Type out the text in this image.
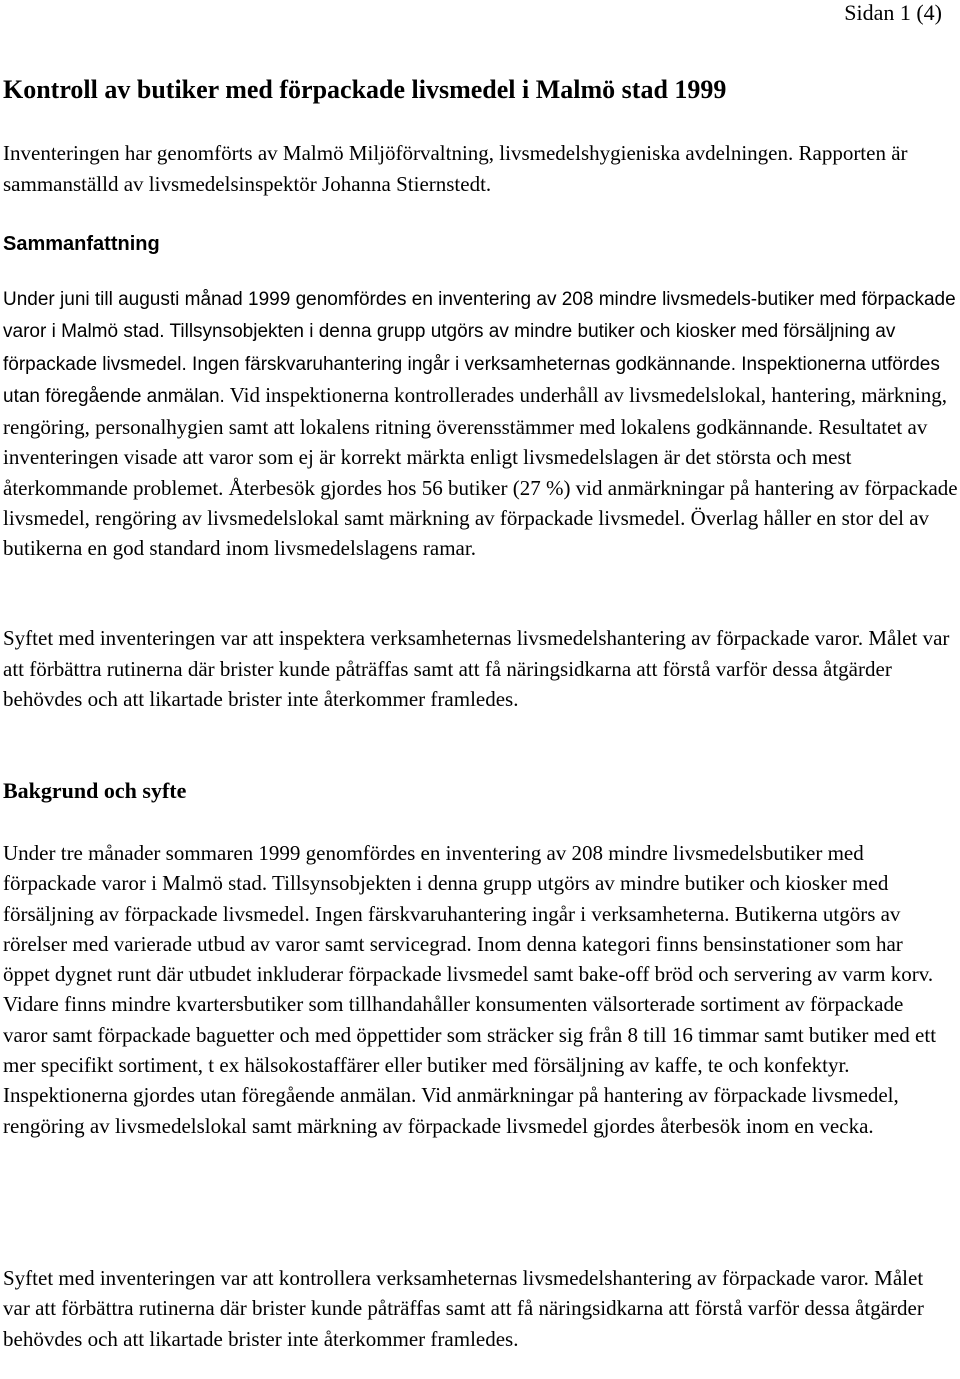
Sidan 1 (4)
Kontroll av butiker med förpackade livsmedel i Malmö stad 1999

Inventeringen har genomförts av Malmö Miljöförvaltning, livsmedelshygieniska avdelningen. Rapporten är sammanställd av livsmedelsinspektör Johanna Stiernstedt.

Sammanfattning

Under juni till augusti månad 1999 genomfördes en inventering av 208 mindre livsmedels-butiker med förpackade varor i Malmö stad. Tillsynsobjekten i denna grupp utgörs av mindre butiker och kiosker med försäljning av förpackade livsmedel. Ingen färskvaruhantering ingår i verksamheternas godkännande. Inspektionerna utfördes utan föregående anmälan. Vid inspektionerna kontrollerades underhåll av livsmedelslokal, hantering, märkning, rengöring, personalhygien samt att lokalens ritning överensstämmer med lokalens godkännande. Resultatet av inventeringen visade att varor som ej är korrekt märkta enligt livsmedelslagen är det största och mest återkommande problemet. Återbesök gjordes hos 56 butiker (27 %) vid anmärkningar på hantering av förpackade livsmedel, rengöring av livsmedelslokal samt märkning av förpackade livsmedel. Överlag håller en stor del av butikerna en god standard inom livsmedelslagens ramar.

Syftet med inventeringen var att inspektera verksamheternas livsmedelshantering av förpackade varor. Målet var att förbättra rutinerna där brister kunde påträffas samt att få näringsidkarna att förstå varför dessa åtgärder behövdes och att likartade brister inte återkommer framledes.

Bakgrund och syfte

Under tre månader sommaren 1999 genomfördes en inventering av 208 mindre livsmedelsbutiker med förpackade varor i Malmö stad. Tillsynsobjekten i denna grupp utgörs av mindre butiker och kiosker med försäljning av förpackade livsmedel. Ingen färskvaruhantering ingår i verksamheterna. Butikerna utgörs av rörelser med varierade utbud av varor samt servicegrad. Inom denna kategori finns bensinstationer som har öppet dygnet runt där utbudet inkluderar förpackade livsmedel samt bake-off bröd och servering av varm korv. Vidare finns mindre kvartersbutiker som tillhandahåller konsumenten välsorterade sortiment av förpackade varor samt förpackade baguetter och med öppettider som sträcker sig från 8 till 16 timmar samt butiker med ett mer specifikt sortiment, t ex hälsokostaffärer eller butiker med försäljning av kaffe, te och konfektyr. Inspektionerna gjordes utan föregående anmälan. Vid anmärkningar på hantering av förpackade livsmedel, rengöring av livsmedelslokal samt märkning av förpackade livsmedel gjordes återbesök inom en vecka.

Syftet med inventeringen var att kontrollera verksamheternas livsmedelshantering av förpackade varor. Målet var att förbättra rutinerna där brister kunde påträffas samt att få näringsidkarna att förstå varför dessa åtgärder behövdes och att likartade brister inte återkommer framledes.
